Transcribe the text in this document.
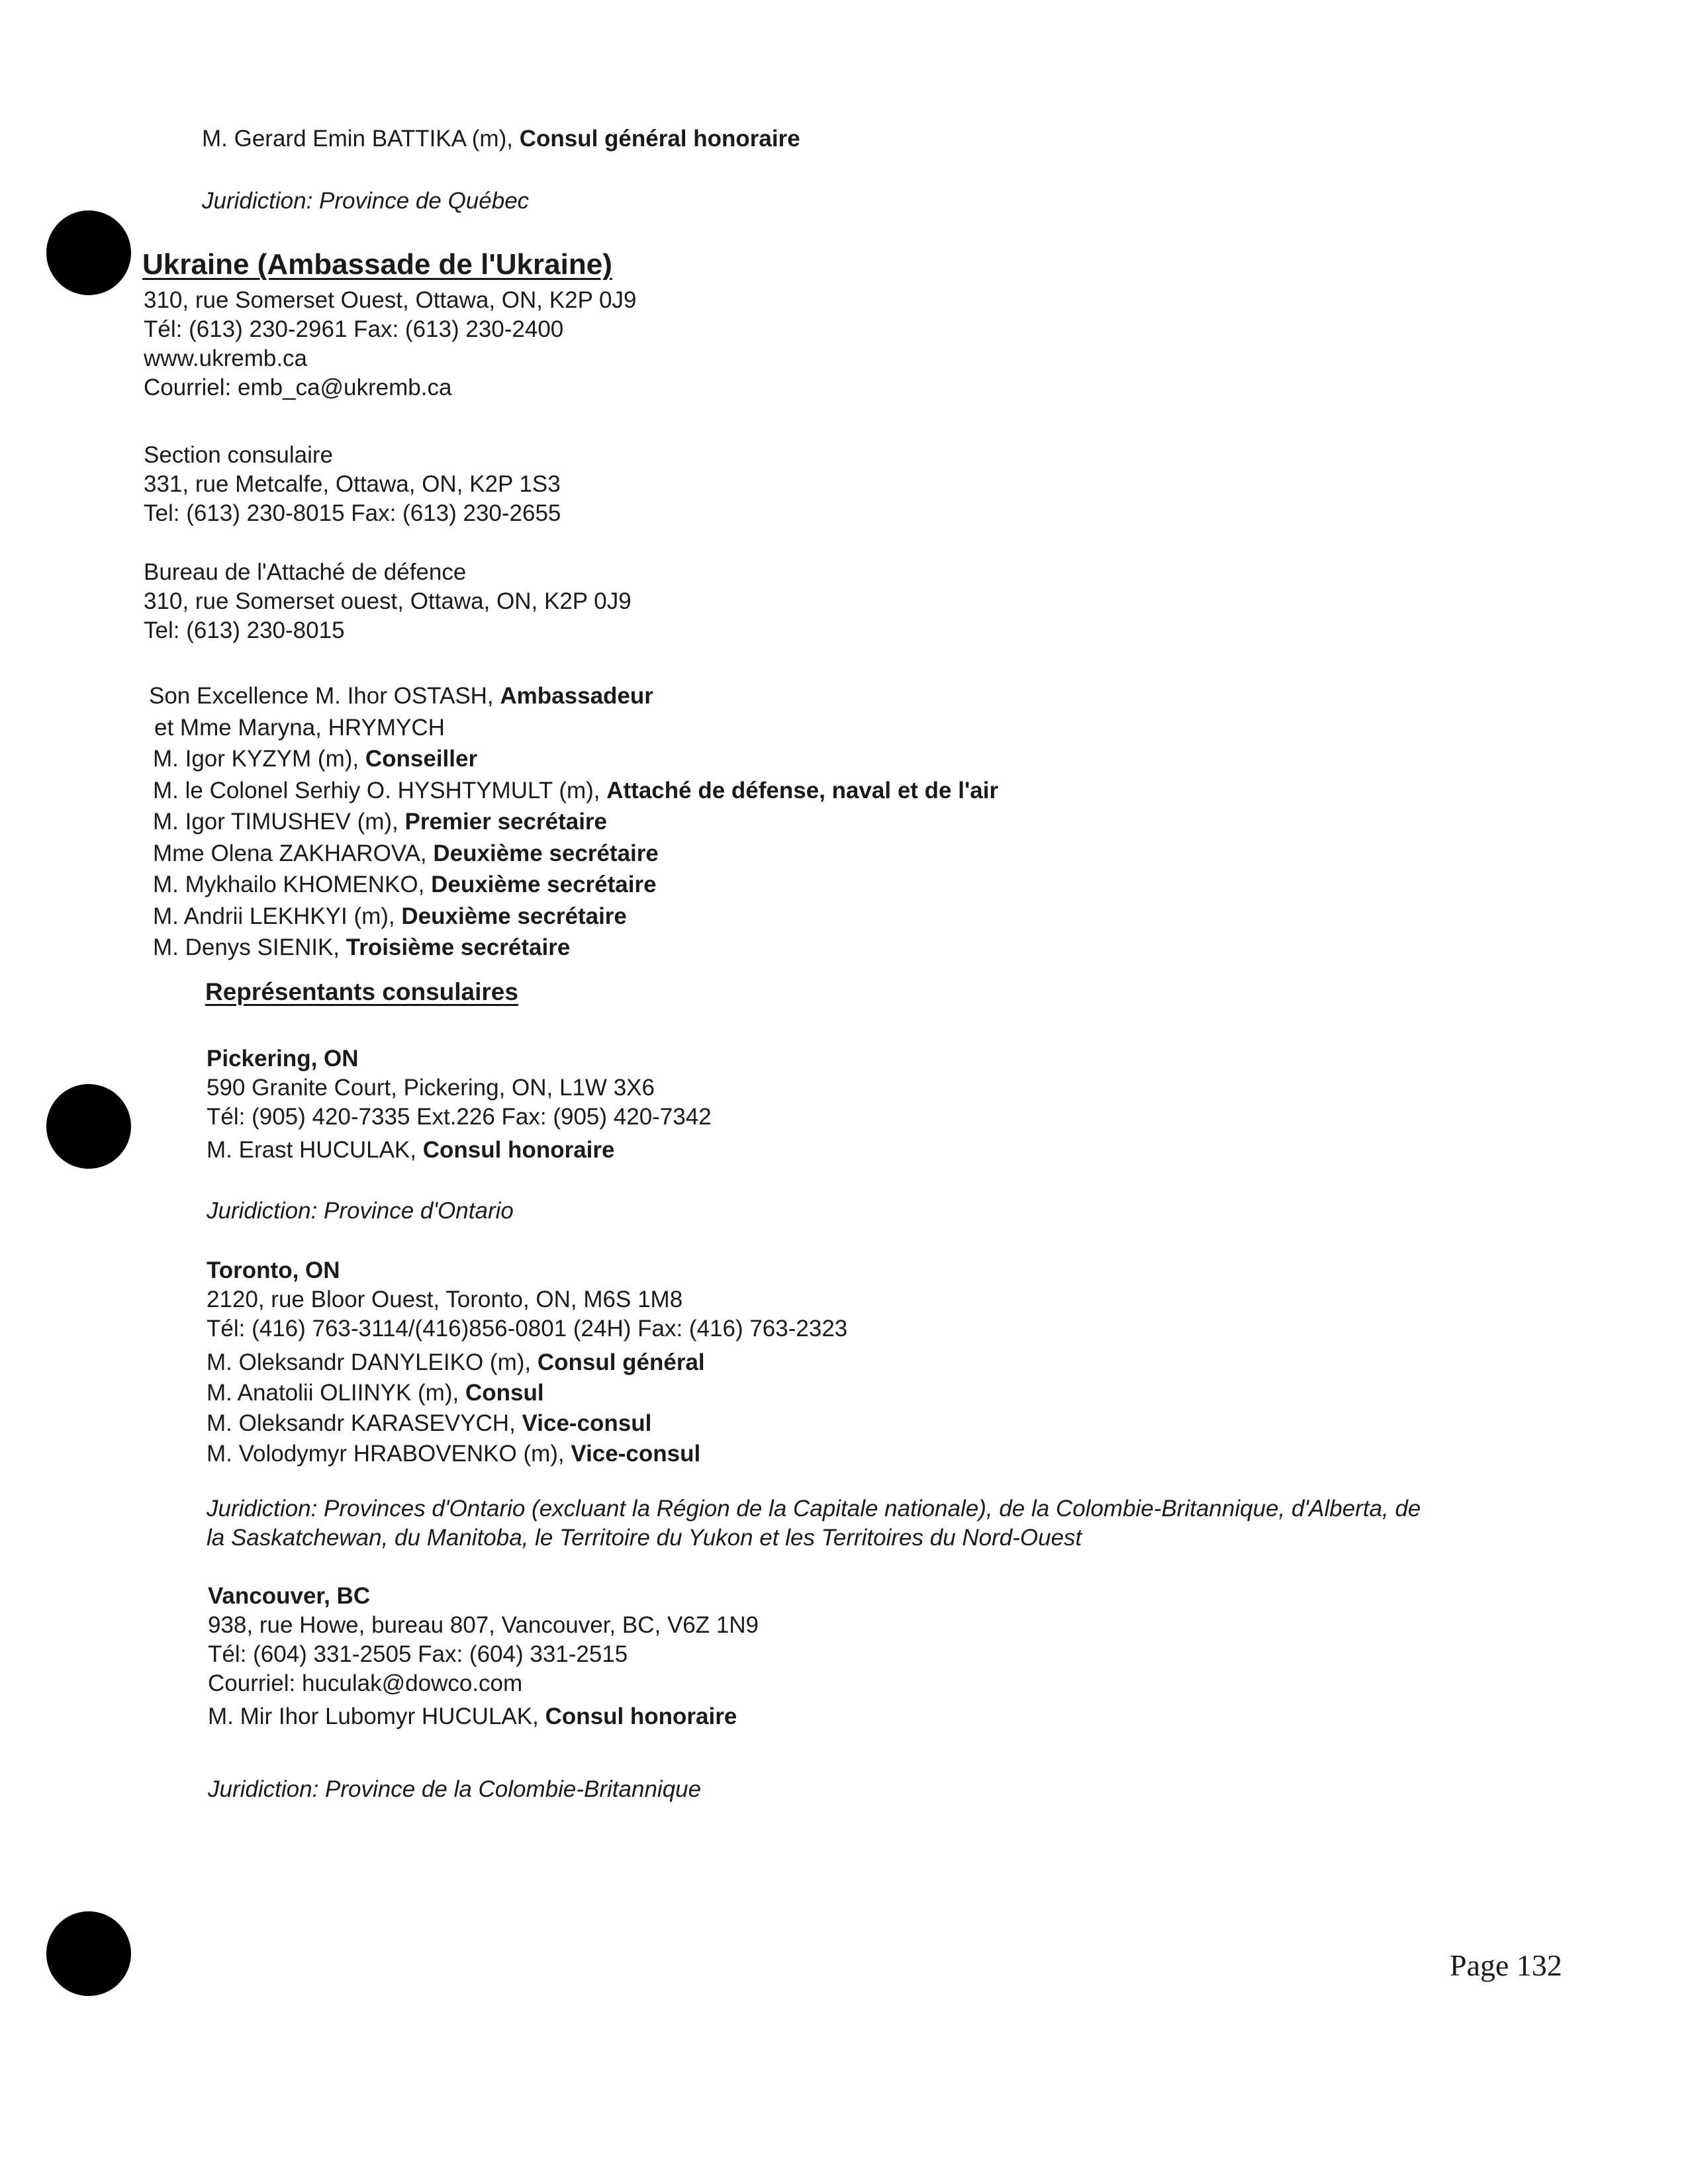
M. Gerard Emin BATTIKA (m), Consul général honoraire
Juridiction: Province de Québec
Ukraine (Ambassade de l'Ukraine)
310, rue Somerset Ouest, Ottawa, ON, K2P 0J9
Tél: (613) 230-2961 Fax: (613) 230-2400
www.ukremb.ca
Courriel: emb_ca@ukremb.ca
Section consulaire
331, rue Metcalfe, Ottawa, ON, K2P 1S3
Tel: (613) 230-8015 Fax: (613) 230-2655
Bureau de l'Attaché de défence
310, rue Somerset ouest, Ottawa, ON, K2P 0J9
Tel: (613) 230-8015
Son Excellence M. Ihor OSTASH, Ambassadeur
et Mme Maryna, HRYMYCH
M. Igor KYZYM (m), Conseiller
M. le Colonel Serhiy O. HYSHTYMULT (m), Attaché de défense, naval et de l'air
M. Igor TIMUSHEV (m), Premier secrétaire
Mme Olena ZAKHAROVA, Deuxième secrétaire
M. Mykhailo KHOMENKO, Deuxième secrétaire
M. Andrii LEKHKYI (m), Deuxième secrétaire
M. Denys SIENIK, Troisième secrétaire
Représentants consulaires
Pickering, ON
590 Granite Court, Pickering, ON, L1W 3X6
Tél: (905) 420-7335 Ext.226 Fax: (905) 420-7342
M. Erast HUCULAK, Consul honoraire
Juridiction: Province d'Ontario
Toronto, ON
2120, rue Bloor Ouest, Toronto, ON, M6S 1M8
Tél: (416) 763-3114/(416)856-0801 (24H) Fax: (416) 763-2323
M. Oleksandr DANYLEIKO (m), Consul général
M. Anatolii OLIINYK (m), Consul
M. Oleksandr KARASEVYCH, Vice-consul
M. Volodymyr HRABOVENKO (m), Vice-consul
Juridiction: Provinces d'Ontario (excluant la Région de la Capitale nationale), de la Colombie-Britannique, d'Alberta, de
la Saskatchewan, du Manitoba, le Territoire du Yukon et les Territoires du Nord-Ouest
Vancouver, BC
938, rue Howe, bureau 807, Vancouver, BC, V6Z 1N9
Tél: (604) 331-2505 Fax: (604) 331-2515
Courriel: huculak@dowco.com
M. Mir Ihor Lubomyr HUCULAK, Consul honoraire
Juridiction: Province de la Colombie-Britannique
Page 132
